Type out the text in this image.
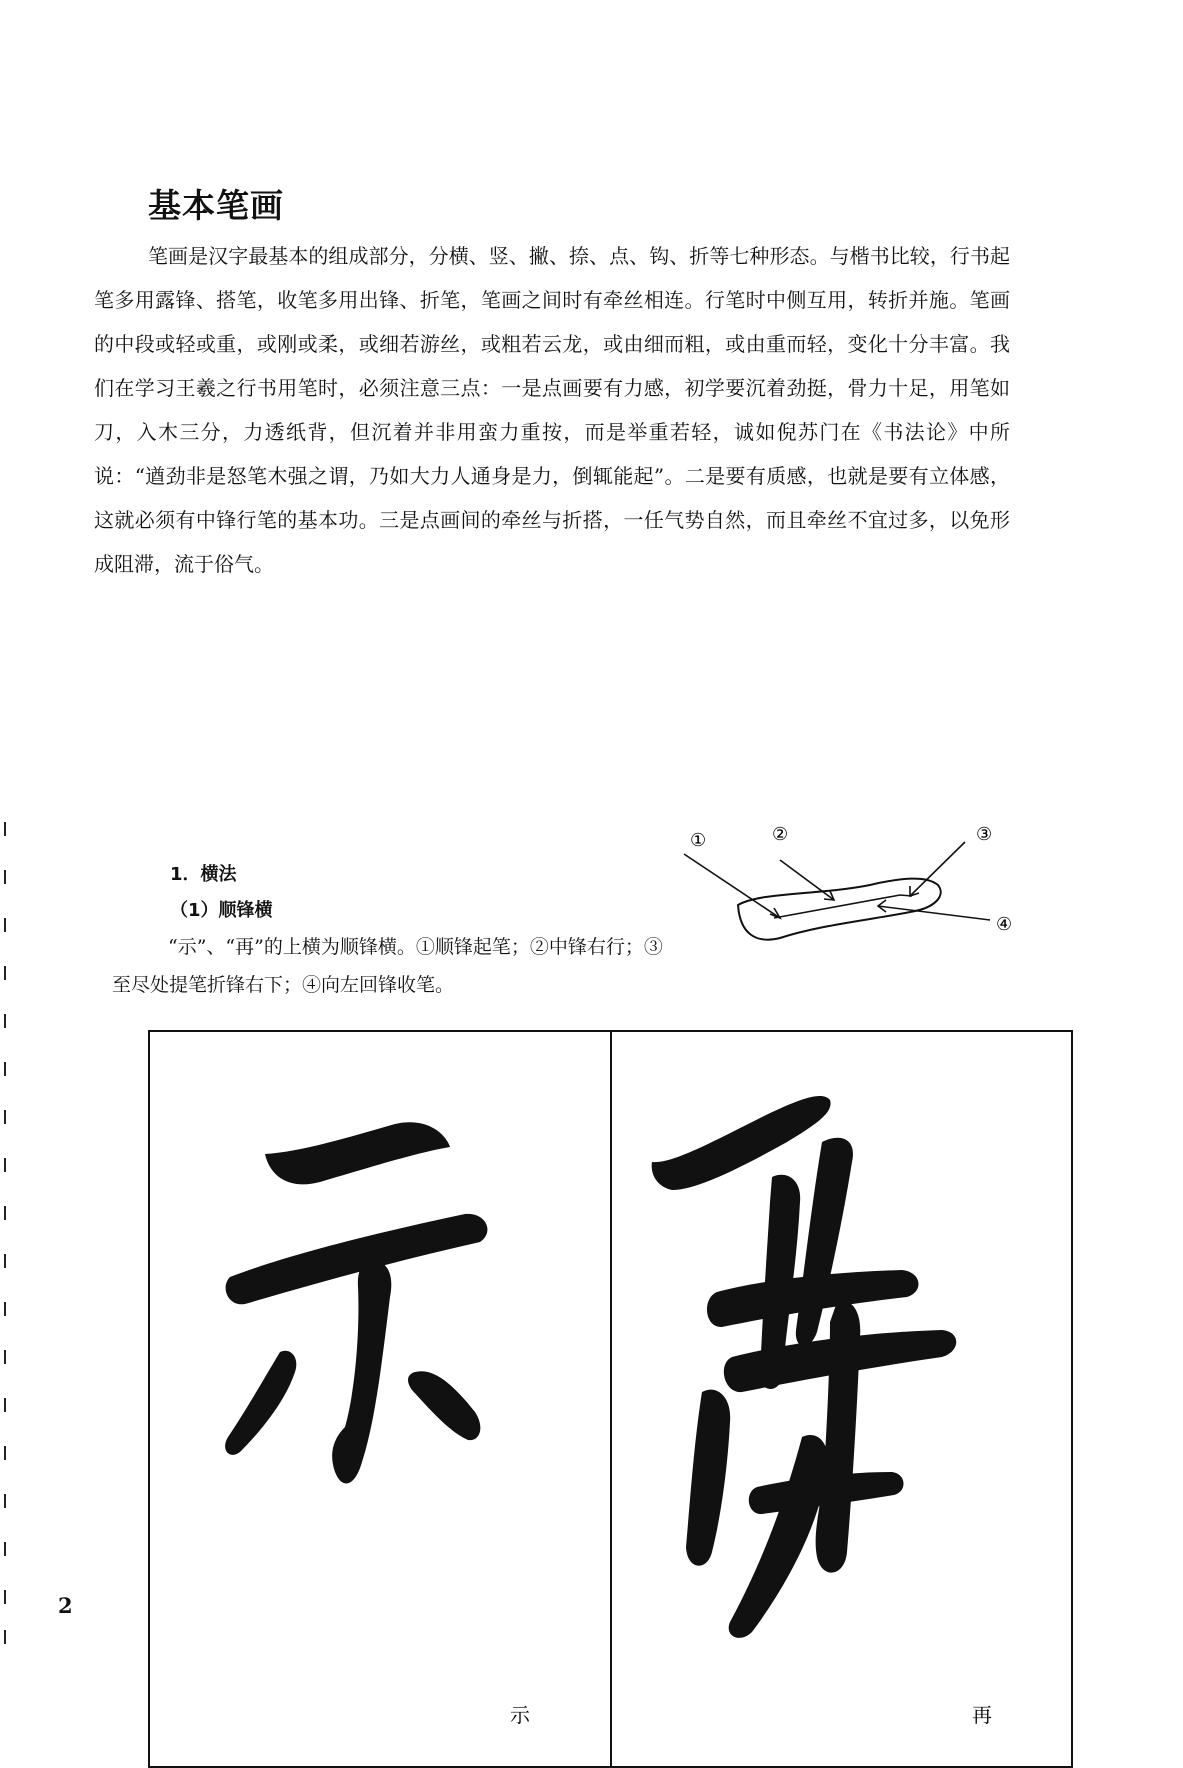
基本笔画

笔画是汉字最基本的组成部分，分横、竖、撇、捺、点、钩、折等七种形态。与楷书比较，行书起笔多用露锋、搭笔，收笔多用出锋、折笔，笔画之间时有牵丝相连。行笔时中侧互用，转折并施。笔画的中段或轻或重，或刚或柔，或细若游丝，或粗若云龙，或由细而粗，或由重而轻，变化十分丰富。我们在学习王羲之行书用笔时，必须注意三点：一是点画要有力感，初学要沉着劲挺，骨力十足，用笔如刀，入木三分，力透纸背，但沉着并非用蛮力重按，而是举重若轻，诚如倪苏门在《书法论》中所说：“遒劲非是怒笔木强之谓，乃如大力人通身是力，倒辄能起”。二是要有质感，也就是要有立体感，这就必须有中锋行笔的基本功。三是点画间的牵丝与折搭，一任气势自然，而且牵丝不宜过多，以免形成阻滞，流于俗气。

1．横法
（1）顺锋横

“示”、“再”的上横为顺锋横。①顺锋起笔；②中锋右行；③至尽处提笔折锋右下；④向左回锋收笔。

①	②	③
④
示	再
2
